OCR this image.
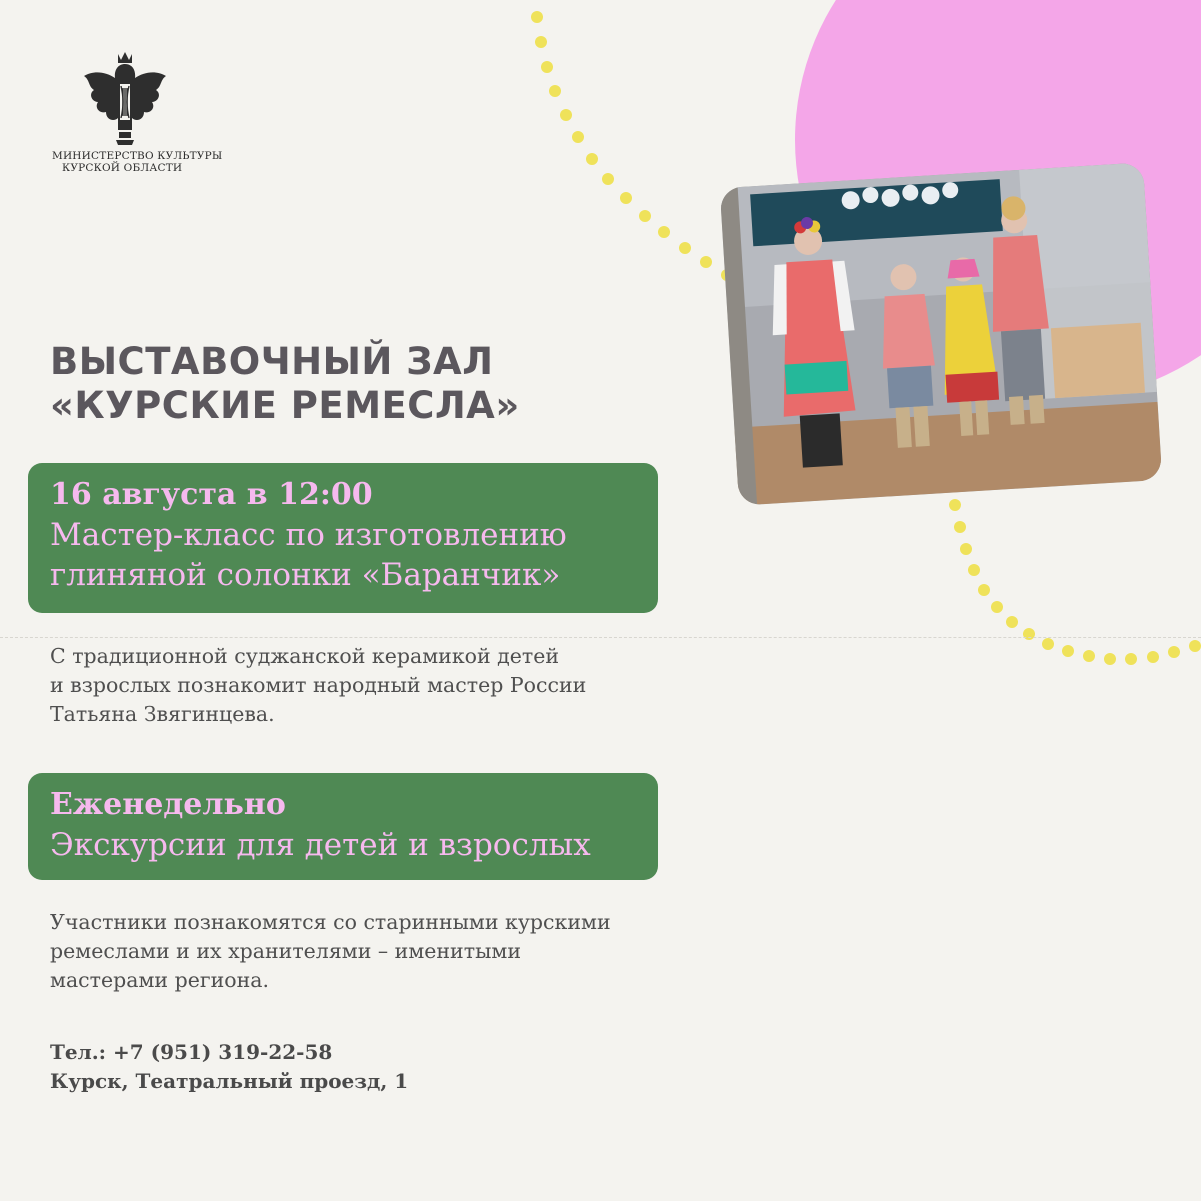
МИНИСТЕРСТВО КУЛЬТУРЫ
КУРСКОЙ ОБЛАСТИ
ВЫСТАВОЧНЫЙ ЗАЛ
«КУРСКИЕ РЕМЕСЛА»
16 августа в 12:00
Мастер-класс по изготовлению
глиняной солонки «Баранчик»
С традиционной суджанской керамикой детей
и взрослых познакомит народный мастер России
Татьяна Звягинцева.
Еженедельно
Экскурсии для детей и взрослых
Участники познакомятся со старинными курскими
ремеслами и их хранителями – именитыми
мастерами региона.
Тел.: +7 (951) 319-22-58
Курск, Театральный проезд, 1
